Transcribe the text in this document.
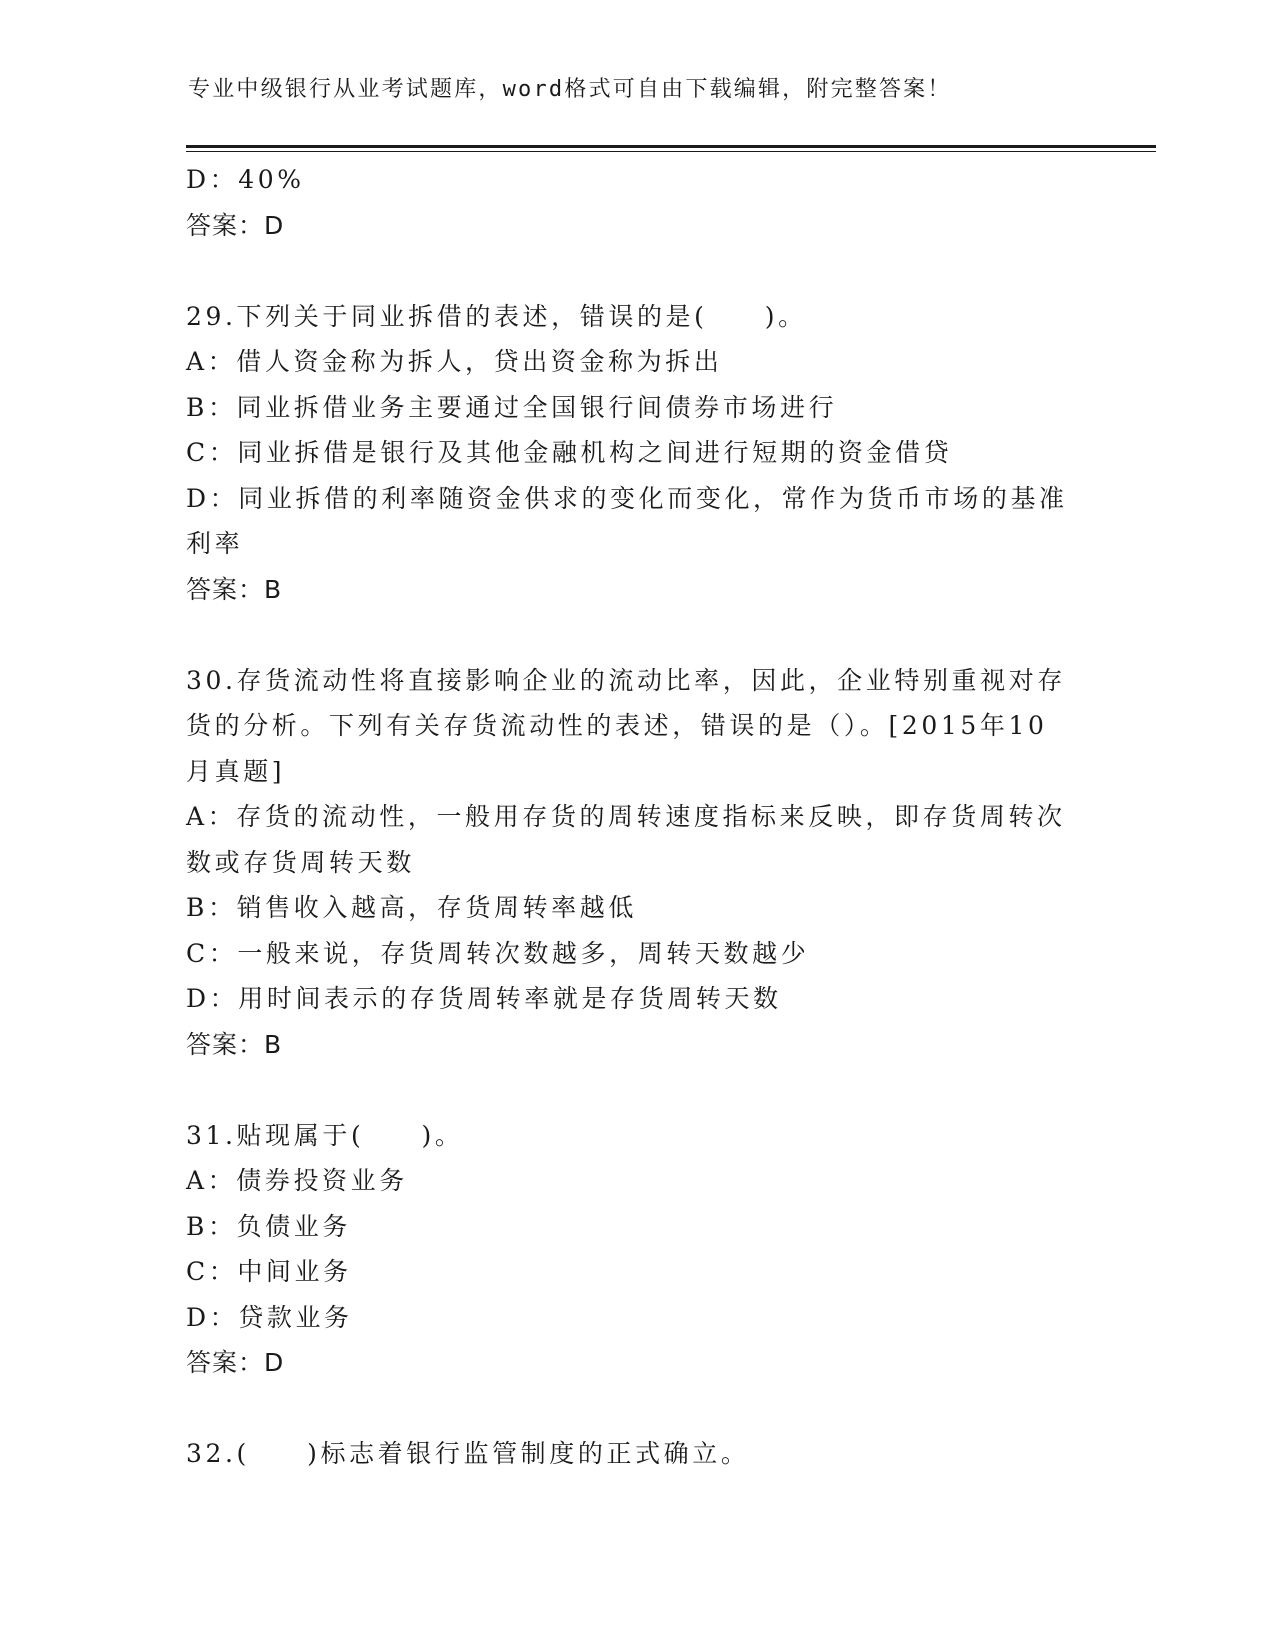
专业中级银行从业考试题库，word格式可自由下载编辑，附完整答案！
D：40%
答案：D
29.下列关于同业拆借的表述，错误的是(　　)。
A：借人资金称为拆人，贷出资金称为拆出
B：同业拆借业务主要通过全国银行间债券市场进行
C：同业拆借是银行及其他金融机构之间进行短期的资金借贷
D：同业拆借的利率随资金供求的变化而变化，常作为货币市场的基准
利率
答案：B
30.存货流动性将直接影响企业的流动比率，因此，企业特别重视对存
货的分析。下列有关存货流动性的表述，错误的是（）。[2015年10
月真题]
A：存货的流动性，一般用存货的周转速度指标来反映，即存货周转次
数或存货周转天数
B：销售收入越高，存货周转率越低
C：一般来说，存货周转次数越多，周转天数越少
D：用时间表示的存货周转率就是存货周转天数
答案：B
31.贴现属于(　　)。
A：债券投资业务
B：负债业务
C：中间业务
D：贷款业务
答案：D
32.(　　)标志着银行监管制度的正式确立。
